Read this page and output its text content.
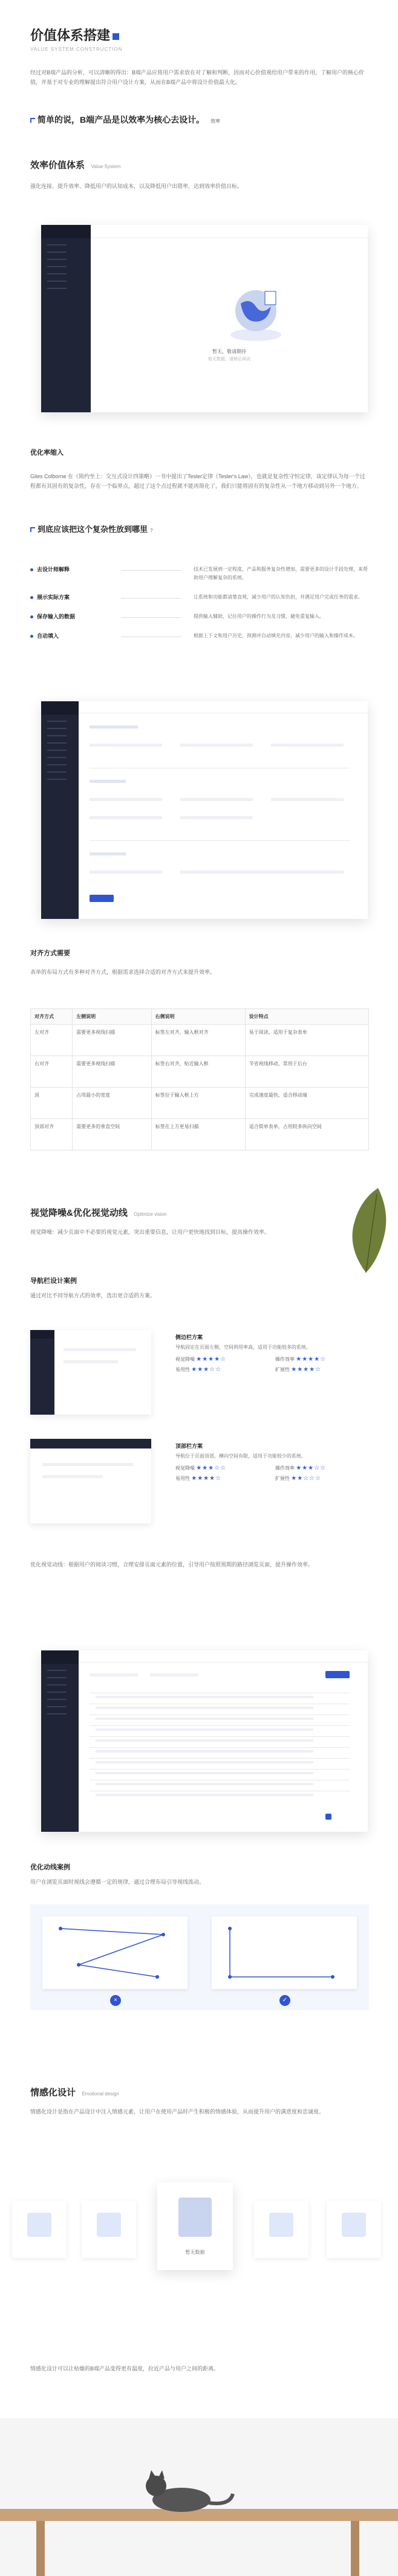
价值体系搭建
VALUE SYSTEM CONSTRUCTION
经过对B端产品的分析，可以清晰的得出：B端产品应将用户需求放在对了解和判断，因而对心价值观给用户带来的作用，了解用户的核心价值，并基于对专业的理解提出符合用户设计方案，从而在B端产品中将设计价值最大化。
简单的说，B端产品是以效率为核心去设计。 效率
效率价值体系 Value System
强化连接、提升效率、降低用户的认知成本，以及降低用户出错率，达到效率价值目标。
暂无，敬请期待
暂无数据，请稍后再试
优化率缩入
Giles Colborne 在《简约至上：交互式设计四策略》一书中提出了Tesler定律（Tesler's Law），也就是复杂性守恒定律，该定律认为每一个过程都有其固有的复杂性，存在一个临界点，超过了这个点过程就不能再简化了，我们只能将固有的复杂性从一个地方移动到另外一个地方。
到底应该把这个复杂性放到哪里 ?
去设计师解释	技术已发展到一定程度，产品和服务复杂性增加，需要更多的设计手段处理，来帮助用户理解复杂的系统。
展示实际方案	让系统和功能都清楚直观，减少用户的认知负担，并满足用户完成任务的需求。
保存输入的数据	提供输入辅助，记住用户的操作行为及习惯，避免重复输入。
自动填入	根据上下文和用户历史，预测并自动填充内容，减少用户的输入和操作成本。
对齐方式需要
表单的布局方式有多种对齐方式，根据需求选择合适的对齐方式来提升效率。
对齐方式	左侧说明	右侧说明	设计特点
左对齐	需要更多视线扫描	标签左对齐，输入框对齐	易于阅读，适用于复杂表单
右对齐	需要更多视线扫描	标签右对齐，贴近输入框	节省视线移动，常用于后台
顶	占用最小的宽度	标签位于输入框上方	完成速度最快，适合移动端
顶部对齐	需要更多的垂直空间	标签在上方更易扫描	适合简单表单，占用较多纵向空间
视觉降噪&优化视觉动线 Optimize vision
视觉降噪：减少页面中不必要的视觉元素，突出重要信息，让用户更快地找到目标，提高操作效率。
导航栏设计案例
通过对比不同导航方式的效率，选出更合适的方案。
侧边栏方案
导航固定在页面左侧，空间利用率高，适用于功能较多的系统。
视觉降噪 ★★★★☆	操作效率 ★★★★☆
易用性 ★★★☆☆	扩展性 ★★★★☆
顶部栏方案
导航位于页面顶部，横向空间有限，适用于功能较少的系统。
视觉降噪 ★★★☆☆	操作效率 ★★★☆☆
易用性 ★★★★☆	扩展性 ★★☆☆☆
优化视觉动线：根据用户的阅读习惯，合理安排页面元素的位置，引导用户按照预期的路径浏览页面，提升操作效率。
优化动线案例
用户在浏览页面时视线会遵循一定的规律，通过合理布局引导视线流动。
×	✓
情感化设计 Emotional design
情感化设计是指在产品设计中注入情感元素，让用户在使用产品时产生积极的情感体验，从而提升用户的满意度和忠诚度。
暂无数据
情感化设计可以让枯燥的B端产品变得更有温度，拉近产品与用户之间的距离。
